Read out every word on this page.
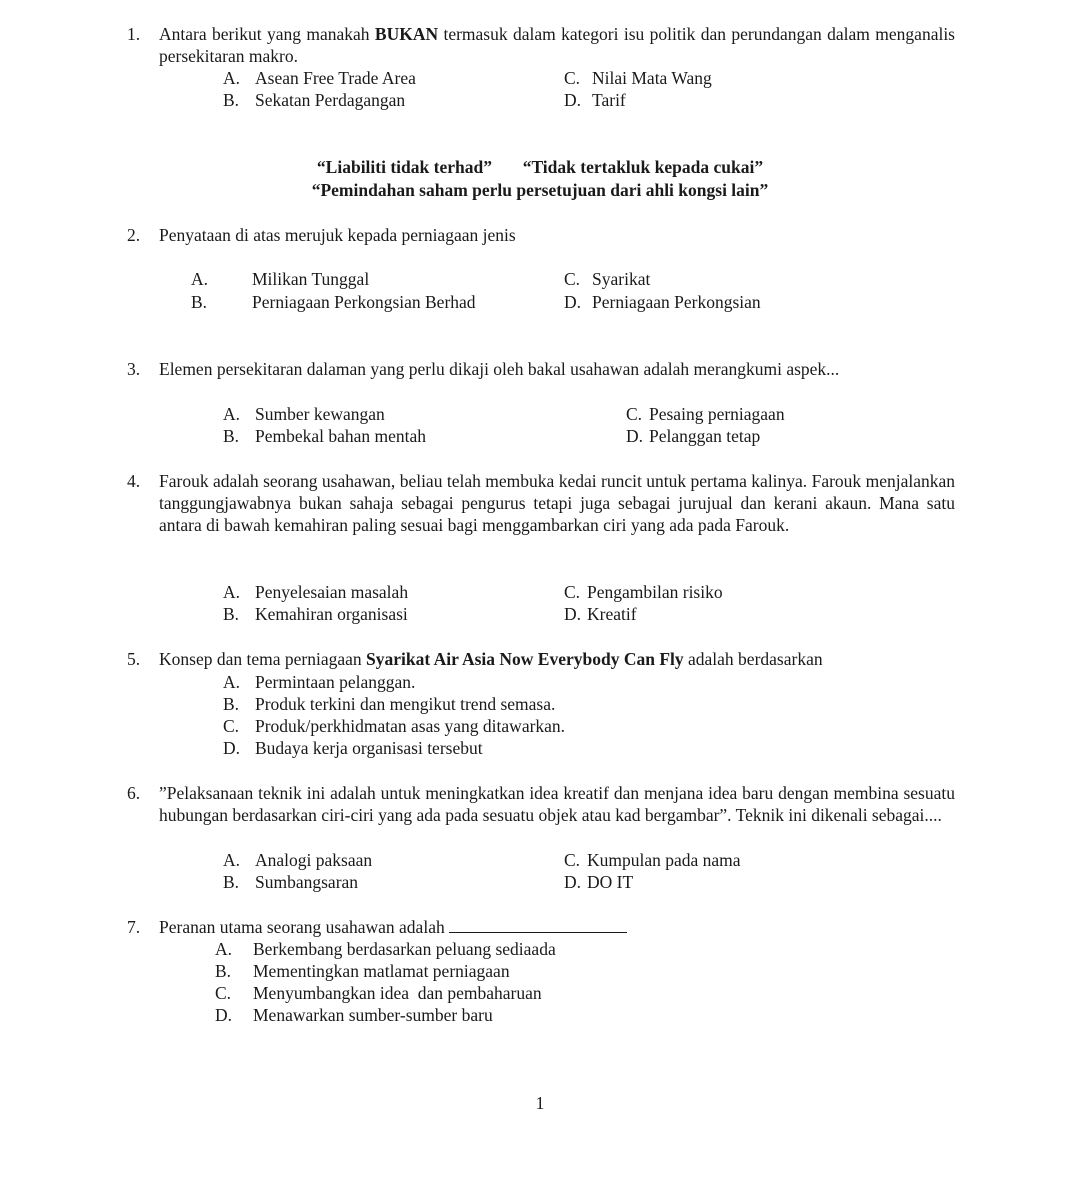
1.	Antara berikut yang manakah BUKAN termasuk dalam kategori isu politik dan perundangan dalam menganalis persekitaran makro.
A. Asean Free Trade Area
B. Sekatan Perdagangan
C. Nilai Mata Wang
D. Tarif
“Liabiliti tidak terhad” “Tidak tertakluk kepada cukai”
“Pemindahan saham perlu persetujuan dari ahli kongsi lain”
2.	Penyataan di atas merujuk kepada perniagaan jenis
A.	Milikan Tunggal
B.	Perniagaan Perkongsian Berhad
C. Syarikat
D. Perniagaan Perkongsian
3.	Elemen persekitaran dalaman yang perlu dikaji oleh bakal usahawan adalah merangkumi aspek...
A. Sumber kewangan
B. Pembekal bahan mentah
C. Pesaing perniagaan
D. Pelanggan tetap
4.	Farouk adalah seorang usahawan, beliau telah membuka kedai runcit untuk pertama kalinya. Farouk menjalankan tanggungjawabnya bukan sahaja sebagai pengurus tetapi juga sebagai jurujual dan kerani akaun. Mana satu antara di bawah kemahiran paling sesuai bagi menggambarkan ciri yang ada pada Farouk.
A. Penyelesaian masalah
B. Kemahiran organisasi
C. Pengambilan risiko
D. Kreatif
5.	Konsep dan tema perniagaan Syarikat Air Asia Now Everybody Can Fly adalah berdasarkan
A. Permintaan pelanggan.
B. Produk terkini dan mengikut trend semasa.
C. Produk/perkhidmatan asas yang ditawarkan.
D. Budaya kerja organisasi tersebut
6.	”Pelaksanaan teknik ini adalah untuk meningkatkan idea kreatif dan menjana idea baru dengan membina sesuatu hubungan berdasarkan ciri-ciri yang ada pada sesuatu objek atau kad bergambar”. Teknik ini dikenali sebagai....
A. Analogi paksaan
B. Sumbangsaran
C. Kumpulan pada nama
D. DO IT
7.	Peranan utama seorang usahawan adalah
A. Berkembang berdasarkan peluang sediaada
B. Mementingkan matlamat perniagaan
C. Menyumbangkan idea  dan pembaharuan
D. Menawarkan sumber-sumber baru
1
